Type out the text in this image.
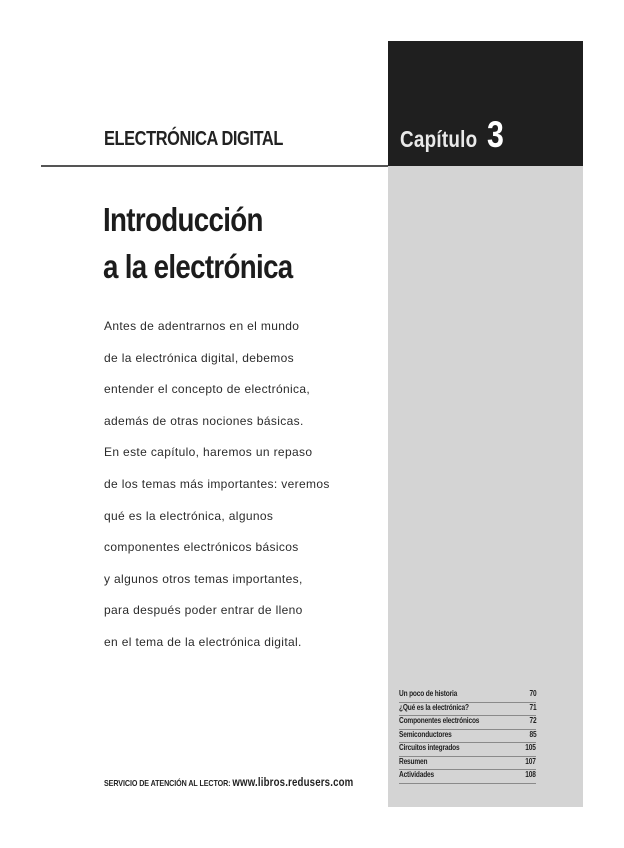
ELECTRÓNICA DIGITAL	Capítulo 3
Introducción
a la electrónica
Antes de adentrarnos en el mundo
de la electrónica digital, debemos
entender el concepto de electrónica,
además de otras nociones básicas.
En este capítulo, haremos un repaso
de los temas más importantes: veremos
qué es la electrónica, algunos
componentes electrónicos básicos
y algunos otros temas importantes,
para después poder entrar de lleno
en el tema de la electrónica digital.
Un poco de historia	70
¿Qué es la electrónica?	71
Componentes electrónicos	72
Semiconductores	85
Circuitos integrados	105
Resumen	107
Actividades	108
SERVICIO DE ATENCIÓN AL LECTOR: www.libros.redusers.com
